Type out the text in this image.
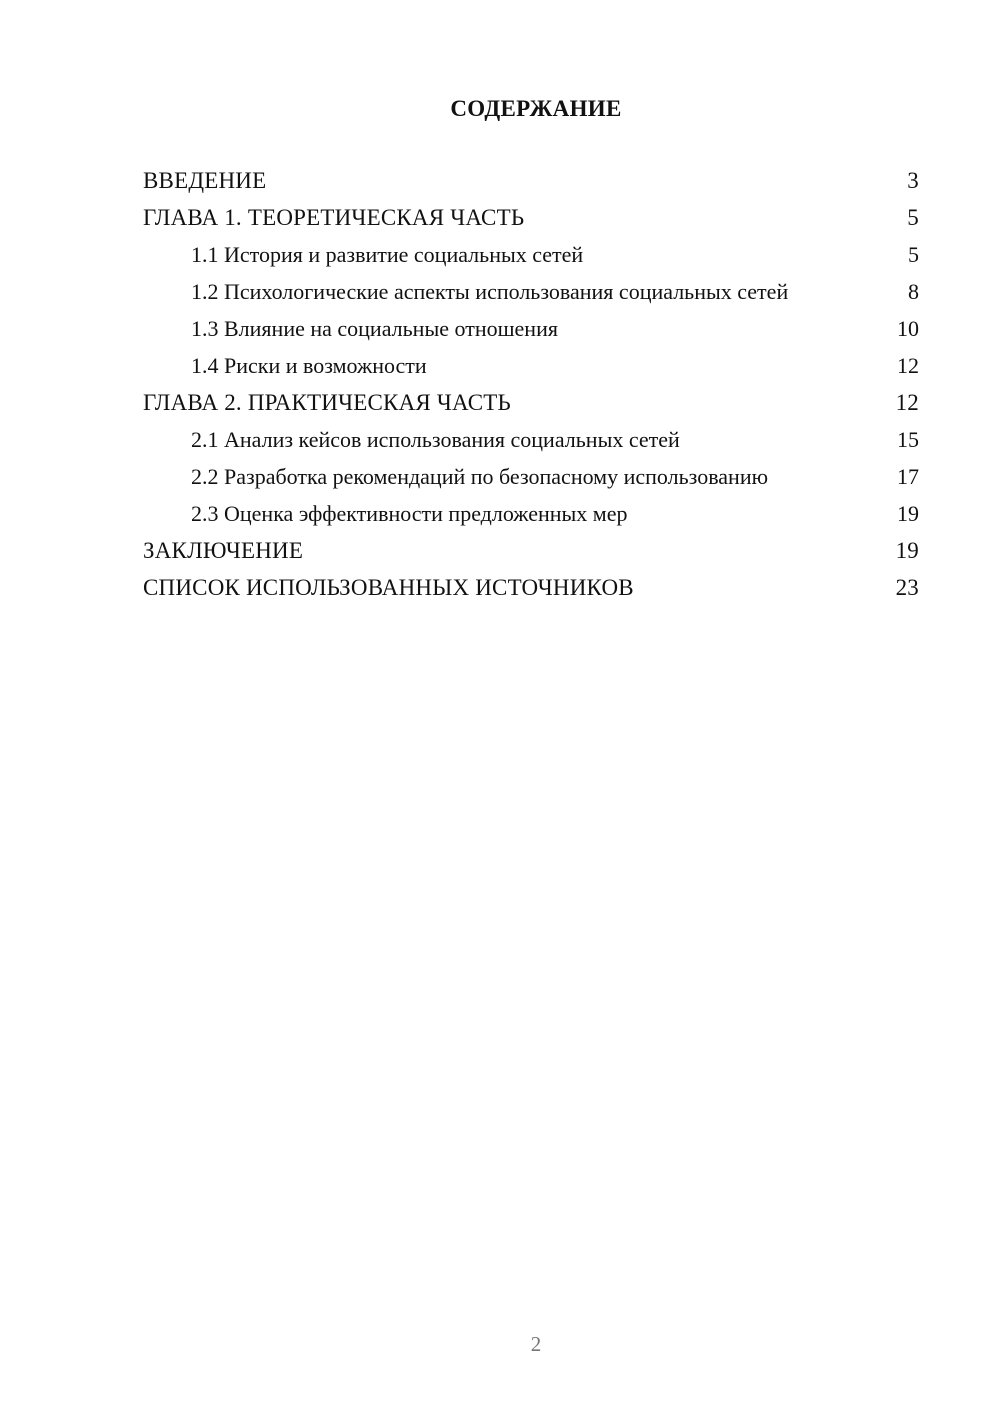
СОДЕРЖАНИЕ
ВВЕДЕНИЕ	3
ГЛАВА 1. ТЕОРЕТИЧЕСКАЯ ЧАСТЬ	5
1.1 История и развитие социальных сетей	5
1.2 Психологические аспекты использования социальных сетей	8
1.3 Влияние на социальные отношения	10
1.4 Риски и возможности	12
ГЛАВА 2. ПРАКТИЧЕСКАЯ ЧАСТЬ	12
2.1 Анализ кейсов использования социальных сетей	15
2.2 Разработка рекомендаций по безопасному использованию	17
2.3 Оценка эффективности предложенных мер	19
ЗАКЛЮЧЕНИЕ	19
СПИСОК ИСПОЛЬЗОВАННЫХ ИСТОЧНИКОВ	23
2
